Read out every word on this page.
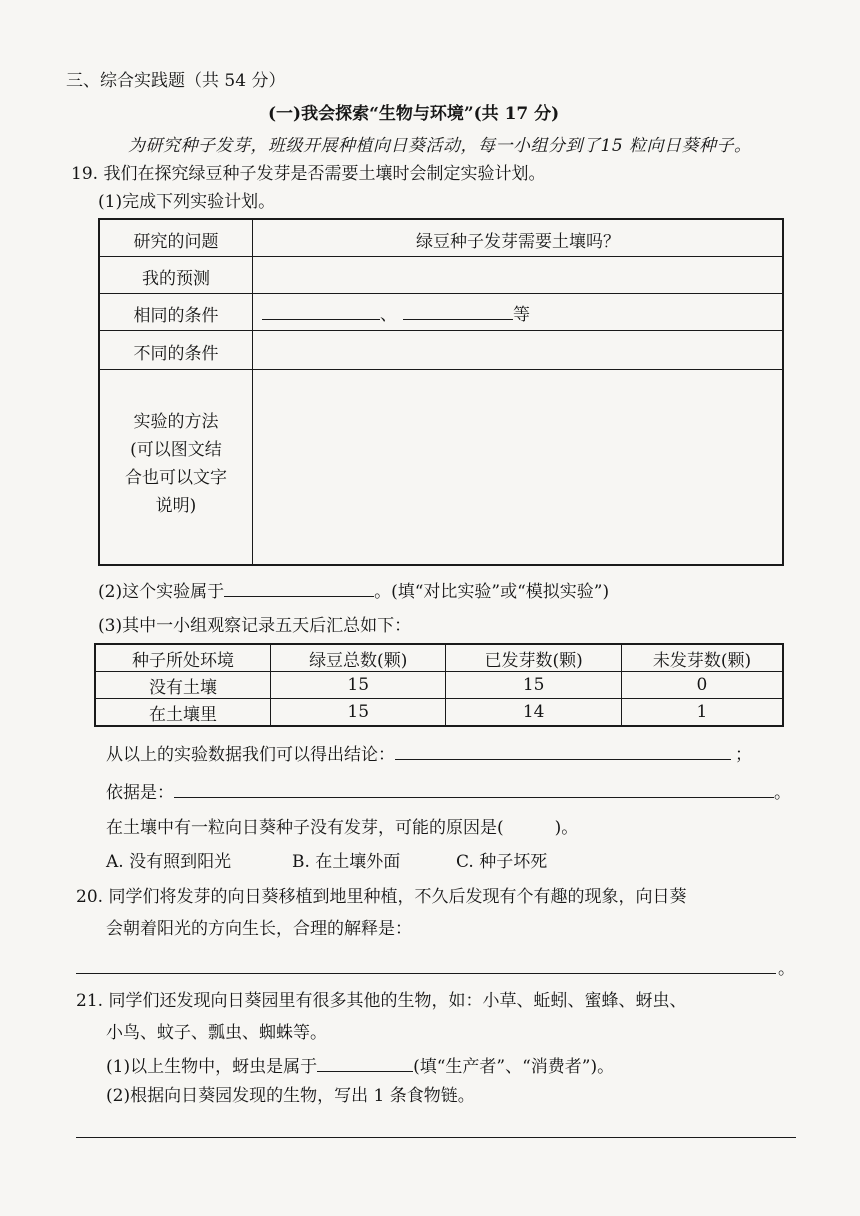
三、综合实践题（共 54 分）
(一)我会探索“生物与环境”(共 17 分)
为研究种子发芽，班级开展种植向日葵活动，每一小组分到了15 粒向日葵种子。
19. 我们在探究绿豆种子发芽是否需要土壤时会制定实验计划。
(1)完成下列实验计划。
研究的问题	绿豆种子发芽需要土壤吗？
我的预测
相同的条件	、	等
不同的条件
实验的方法
(可以图文结
合也可以文字
说明)
(2)这个实验属于	。(填“对比实验”或“模拟实验”)
(3)其中一小组观察记录五天后汇总如下：
种子所处环境	绿豆总数(颗)	已发芽数(颗)	未发芽数(颗)
没有土壤	15	15	0
在土壤里	15	14	1
从以上的实验数据我们可以得出结论：	；
依据是：	。
在土壤中有一粒向日葵种子没有发芽，可能的原因是(　　　)。
A. 没有照到阳光	B. 在土壤外面	C. 种子坏死
20. 同学们将发芽的向日葵移植到地里种植，不久后发现有个有趣的现象，向日葵
会朝着阳光的方向生长，合理的解释是：
。
21. 同学们还发现向日葵园里有很多其他的生物，如：小草、蚯蚓、蜜蜂、蚜虫、
小鸟、蚊子、瓢虫、蜘蛛等。
(1)以上生物中，蚜虫是属于	(填“生产者”、“消费者”)。
(2)根据向日葵园发现的生物，写出 1 条食物链。
